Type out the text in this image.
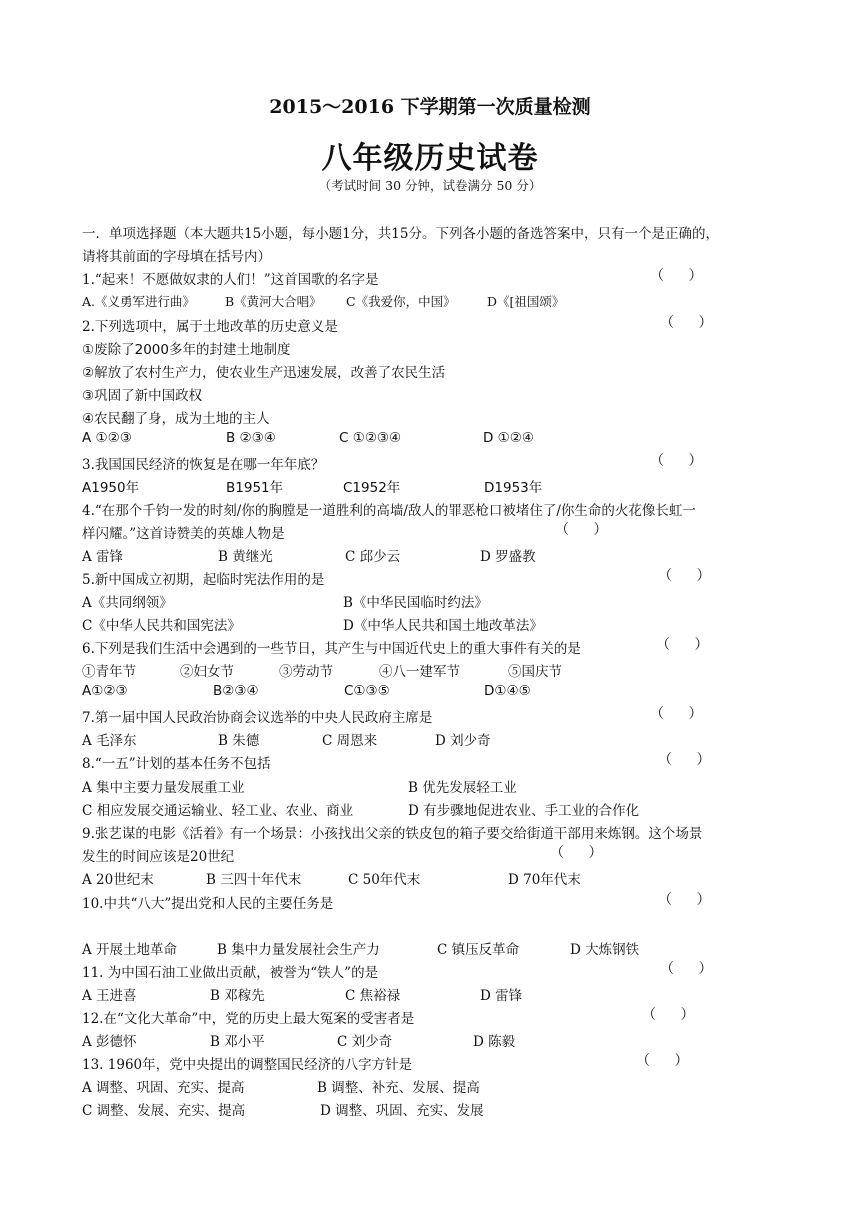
2015～2016 下学期第一次质量检测
八年级历史试卷
（考试时间 30 分钟，试卷满分 50 分）
一．单项选择题（本大题共15小题，每小题1分，共15分。下列各小题的备选答案中，只有一个是正确的，
请将其前面的字母填在括号内）
1.“起来！不愿做奴隶的人们！”这首国歌的名字是	（ ）
A.《义勇军进行曲》 B《黄河大合唱》 C《我爱你，中国》	D《[祖国颂》
2.下列选项中，属于土地改革的历史意义是	（ ）
①废除了2000多年的封建土地制度
②解放了农村生产力，使农业生产迅速发展，改善了农民生活
③巩固了新中国政权
④农民翻了身，成为土地的主人
A ①②③	B ②③④	C ①②③④	D ①②④
3.我国国民经济的恢复是在哪一年年底？	（ ）
A1950年	B1951年	C1952年	D1953年
4.“在那个千钧一发的时刻/你的胸膛是一道胜利的高墙/敌人的罪恶枪口被堵住了/你生命的火花像长虹一
样闪耀。”这首诗赞美的英雄人物是	（ ）
A 雷锋	B 黄继光	C 邱少云	D 罗盛教
5.新中国成立初期，起临时宪法作用的是	（ ）
A《共同纲领》	B《中华民国临时约法》
C《中华人民共和国宪法》	D《中华人民共和国土地改革法》
6.下列是我们生活中会遇到的一些节日，其产生与中国近代史上的重大事件有关的是	（ ）
①青年节	②妇女节	③劳动节	④八一建军节	⑤国庆节
A①②③	B②③④	C①③⑤	D①④⑤
7.第一届中国人民政治协商会议选举的中央人民政府主席是	（ ）
A 毛泽东	B 朱德	C 周恩来	D 刘少奇
8.“一五”计划的基本任务不包括	（ ）
A 集中主要力量发展重工业	B 优先发展轻工业
C 相应发展交通运输业、轻工业、农业、商业	D 有步骤地促进农业、手工业的合作化
9.张艺谋的电影《活着》有一个场景：小孩找出父亲的铁皮包的箱子要交给街道干部用来炼钢。这个场景
发生的时间应该是20世纪	（ ）
A 20世纪末	B 三四十年代末	C 50年代末	D 70年代末
10.中共“八大”提出党和人民的主要任务是	（ ）
A 开展土地革命	B 集中力量发展社会生产力	C 镇压反革命	D 大炼钢铁
11. 为中国石油工业做出贡献，被誉为“铁人”的是	（ ）
A 王进喜	B 邓稼先	C 焦裕禄	D 雷锋
12.在“文化大革命”中，党的历史上最大冤案的受害者是	（ ）
A 彭德怀	B 邓小平	C 刘少奇	D 陈毅
13. 1960年，党中央提出的调整国民经济的八字方针是	（ ）
A 调整、巩固、充实、提高	B 调整、补充、发展、提高
C 调整、发展、充实、提高	D 调整、巩固、充实、发展
